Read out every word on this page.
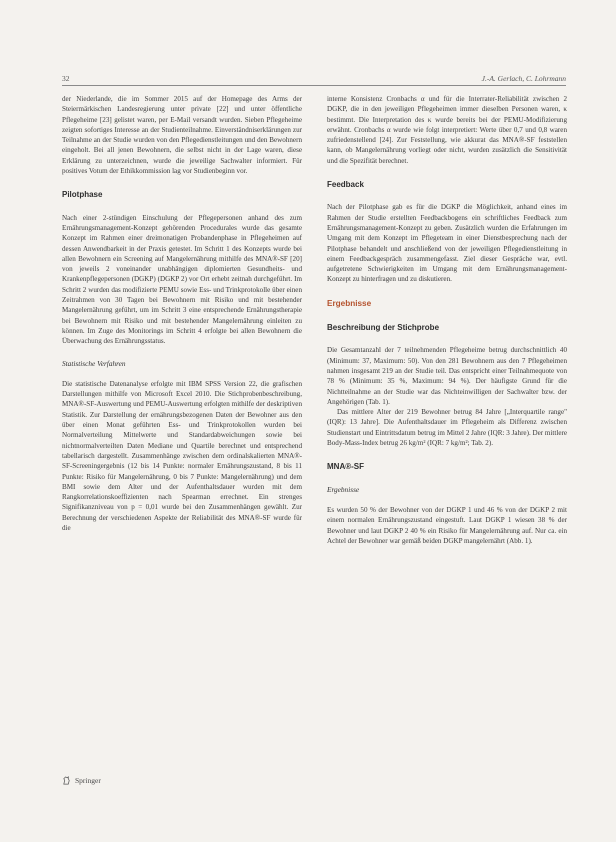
32	J.-A. Gerlach, C. Lohrmann

der Niederlande, die im Sommer 2015 auf der Homepage des Arms der Steiermärkischen Landesregierung unter private [22] und unter öffentliche Pflegeheime [23] gelistet waren, per E-Mail versandt wurden. Sieben Pflegeheime zeigten sofortiges Interesse an der Studienteilnahme. Einverständniserklärungen zur Teilnahme an der Studie wurden von den Pflegedienstleitungen und den Bewohnern eingeholt. Bei all jenen Bewohnern, die selbst nicht in der Lage waren, diese Erklärung zu unterzeichnen, wurde die jeweilige Sachwalter informiert. Für positives Votum der Ethikkommission lag vor Studienbeginn vor.

Pilotphase

Nach einer 2-stündigen Einschulung der Pflegepersonen anhand des zum Ernährungsmanagement-Konzept gehörenden Procedurales wurde das gesamte Konzept im Rahmen einer dreimonatigen Probandenphase in Pflegeheimen auf dessen Anwendbarkeit in der Praxis getestet. Im Schritt 1 des Konzepts wurde bei allen Bewohnern ein Screening auf Mangelernährung mithilfe des MNA®-SF [20] von jeweils 2 voneinander unabhängigen diplomierten Gesundheits- und Krankenpflegepersonen (DGKP) (DGKP 2) vor Ort erhebt zeitnah durchgeführt. Im Schritt 2 wurden das modifizierte PEMU sowie Ess- und Trinkprotokolle über einen Zeitrahmen von 30 Tagen bei Bewohnern mit Risiko und mit bestehender Mangelernährung geführt, um im Schritt 3 eine entsprechende Ernährungstherapie bei Bewohnern mit Risiko und mit bestehender Mangelernährung einleiten zu können. Im Zuge des Monitorings im Schritt 4 erfolgte bei allen Bewohnern die Überwachung des Ernährungsstatus.

Statistische Verfahren

Die statistische Datenanalyse erfolgte mit IBM SPSS Version 22, die grafischen Darstellungen mithilfe von Microsoft Excel 2010. Die Stichprobenbeschreibung, MNA®-SF-Auswertung und PEMU-Auswertung erfolgten mithilfe der deskriptiven Statistik. Zur Darstellung der ernährungsbezogenen Daten der Bewohner aus den über einen Monat geführten Ess- und Trinkprotokollen wurden bei Normalverteilung Mittelwerte und Standardabweichungen sowie bei nichtnormalverteilten Daten Mediane und Quartile berechnet und entsprechend tabellarisch dargestellt. Zusammenhänge zwischen dem ordinalskalierten MNA®-SF-Screeningergebnis (12 bis 14 Punkte: normaler Ernährungszustand, 8 bis 11 Punkte: Risiko für Mangelernährung, 0 bis 7 Punkte: Mangelernährung) und dem BMI sowie dem Alter und der Aufenthaltsdauer wurden mit dem Rangkorrelationskoeffizienten nach Spearman errechnet. Ein strenges Signifikanzniveau von p = 0,01 wurde bei den Zusammenhängen gewählt. Zur Berechnung der verschiedenen Aspekte der Reliabilität des MNA®-SF wurde für die

interne Konsistenz Cronbachs α und für die Interrater-Reliabilität zwischen 2 DGKP, die in den jeweiligen Pflegeheimen immer dieselben Personen waren, κ bestimmt. Die Interpretation des κ wurde bereits bei der PEMU-Modifizierung erwähnt. Cronbachs α wurde wie folgt interpretiert: Werte über 0,7 und 0,8 waren zufriedenstellend [24]. Zur Feststellung, wie akkurat das MNA®-SF feststellen kann, ob Mangelernährung vorliegt oder nicht, wurden zusätzlich die Sensitivität und die Spezifität berechnet.

Feedback

Nach der Pilotphase gab es für die DGKP die Möglichkeit, anhand eines im Rahmen der Studie erstellten Feedbackbogens ein schriftliches Feedback zum Ernährungsmanagement-Konzept zu geben. Zusätzlich wurden die Erfahrungen im Umgang mit dem Konzept im Pflegeteam in einer Dienstbesprechung nach der Pilotphase behandelt und anschließend von der jeweiligen Pflegedienstleitung in einem Feedbackgespräch zusammengefasst. Ziel dieser Gespräche war, evtl. aufgetretene Schwierigkeiten im Umgang mit dem Ernährungsmanagement-Konzept zu hinterfragen und zu diskutieren.

Ergebnisse
Beschreibung der Stichprobe

Die Gesamtanzahl der 7 teilnehmenden Pflegeheime betrug durchschnittlich 40 (Minimum: 37, Maximum: 50). Von den 281 Bewohnern aus den 7 Pflegeheimen nahmen insgesamt 219 an der Studie teil. Das entspricht einer Teilnahmequote von 78 % (Minimum: 35 %, Maximum: 94 %). Der häufigste Grund für die Nichtteilnahme an der Studie war das Nichteinwilligen der Sachwalter bzw. der Angehörigen (Tab. 1).

Das mittlere Alter der 219 Bewohner betrug 84 Jahre [„Interquartile range" (IQR): 13 Jahre]. Die Aufenthaltsdauer im Pflegeheim als Differenz zwischen Studienstart und Eintrittsdatum betrug im Mittel 2 Jahre (IQR: 3 Jahre). Der mittlere Body-Mass-Index betrug 26 kg/m² (IQR: 7 kg/m²; Tab. 2).

MNA®-SF
Ergebnisse

Es wurden 50 % der Bewohner von der DGKP 1 und 46 % von der DGKP 2 mit einem normalen Ernährungszustand eingestuft. Laut DGKP 1 wiesen 38 % der Bewohner und laut DGKP 2 40 % ein Risiko für Mangelernährung auf. Nur ca. ein Achtel der Bewohner war gemäß beiden DGKP mangelernährt (Abb. 1).

Springer
